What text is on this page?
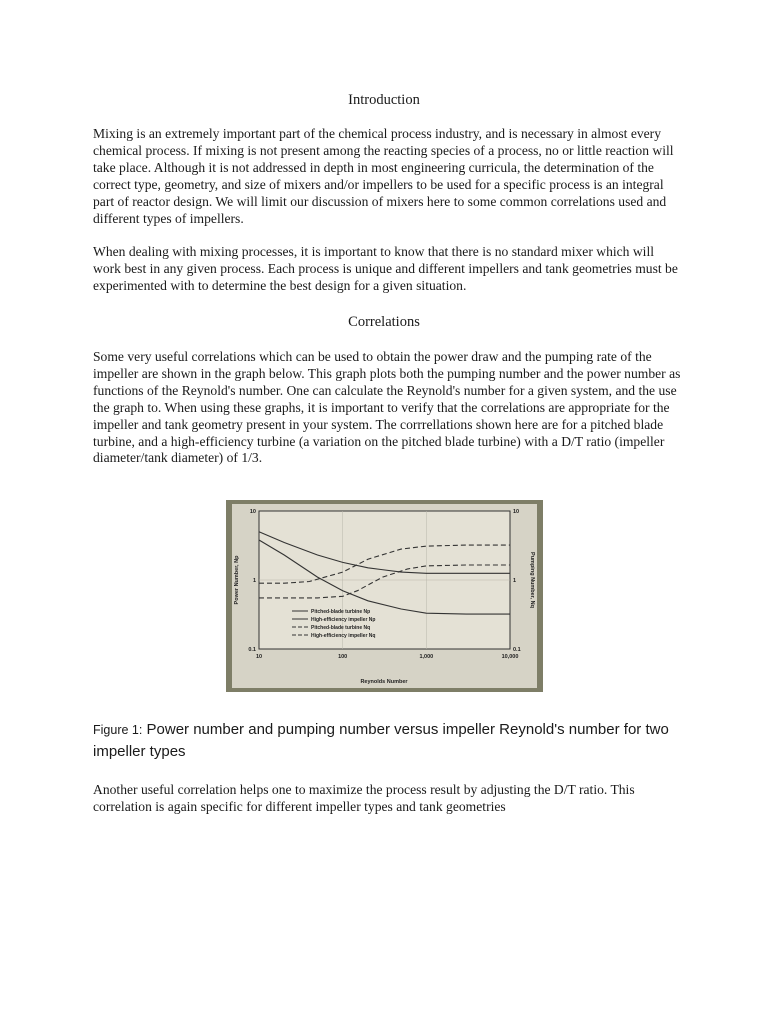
Introduction

Mixing is an extremely important part of the chemical process industry, and is necessary in almost every chemical process. If mixing is not present among the reacting species of a process, no or little reaction will take place. Although it is not addressed in depth in most engineering curricula, the determination of the correct type, geometry, and size of mixers and/or impellers to be used for a specific process is an integral part of reactor design. We will limit our discussion of mixers here to some common correlations used and different types of impellers.

When dealing with mixing processes, it is important to know that there is no standard mixer which will work best in any given process. Each process is unique and different impellers and tank geometries must be experimented with to determine the best design for a given situation.

Correlations

Some very useful correlations which can be used to obtain the power draw and the pumping rate of the impeller are shown in the graph below. This graph plots both the pumping number and the power number as functions of the Reynold's number. One can calculate the Reynold's number for a given system, and the use the graph to. When using these graphs, it is important to verify that the correlations are appropriate for the impeller and tank geometry present in your system. The corrrellations shown here are for a pitched blade turbine, and a high-efficiency turbine (a variation on the pitched blade turbine) with a D/T ratio (impeller diameter/tank diameter) of 1/3.

10	100	1,000	10,000
10	10
1	1
0.1	0.1
Power Number, Np	Pumping Number, Nq
Reynolds Number
Pitched-blade turbine Np
High-efficiency impeller Np
Pitched-blade turbine Nq
High-efficiency impeller Nq

Figure 1: Power number and pumping number versus impeller Reynold's number for two impeller types

Another useful correlation helps one to maximize the process result by adjusting the D/T ratio. This correlation is again specific for different impeller types and tank geometries
